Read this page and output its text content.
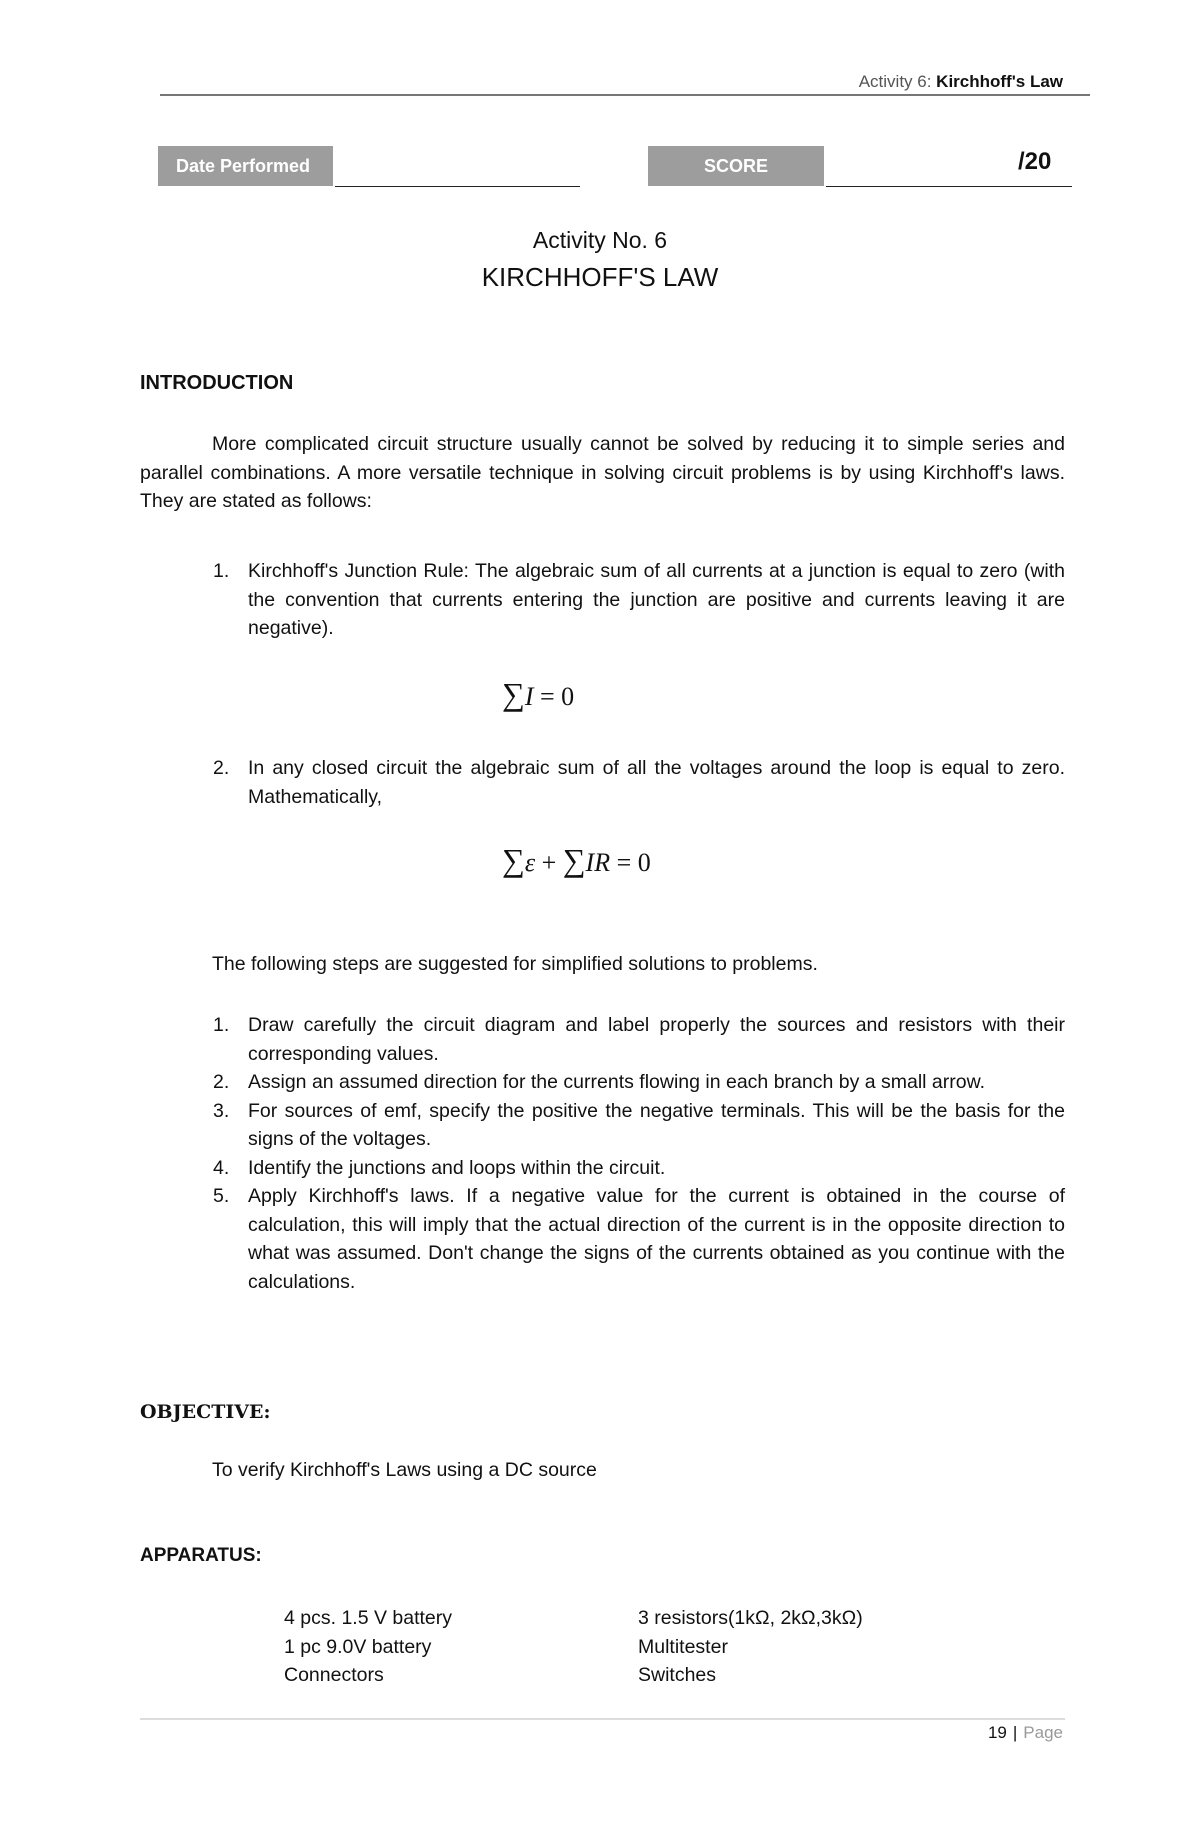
Activity 6: Kirchhoff's Law
Date Performed	SCORE	/20
Activity No. 6
KIRCHHOFF'S LAW
INTRODUCTION
More complicated circuit structure usually cannot be solved by reducing it to simple series and parallel combinations. A more versatile technique in solving circuit problems is by using Kirchhoff's laws. They are stated as follows:
1. Kirchhoff's Junction Rule: The algebraic sum of all currents at a junction is equal to zero (with the convention that currents entering the junction are positive and currents leaving it are negative).
∑I = 0
2. In any closed circuit the algebraic sum of all the voltages around the loop is equal to zero. Mathematically,
∑ε + ∑IR = 0
The following steps are suggested for simplified solutions to problems.
1. Draw carefully the circuit diagram and label properly the sources and resistors with their corresponding values.
2. Assign an assumed direction for the currents flowing in each branch by a small arrow.
3. For sources of emf, specify the positive the negative terminals. This will be the basis for the signs of the voltages.
4. Identify the junctions and loops within the circuit.
5. Apply Kirchhoff's laws. If a negative value for the current is obtained in the course of calculation, this will imply that the actual direction of the current is in the opposite direction to what was assumed. Don't change the signs of the currents obtained as you continue with the calculations.
OBJECTIVE:
To verify Kirchhoff's Laws using a DC source
APPARATUS:
4 pcs. 1.5 V battery	3 resistors(1kΩ, 2kΩ,3kΩ)
1 pc 9.0V battery	Multitester
Connectors	Switches
19 | Page
